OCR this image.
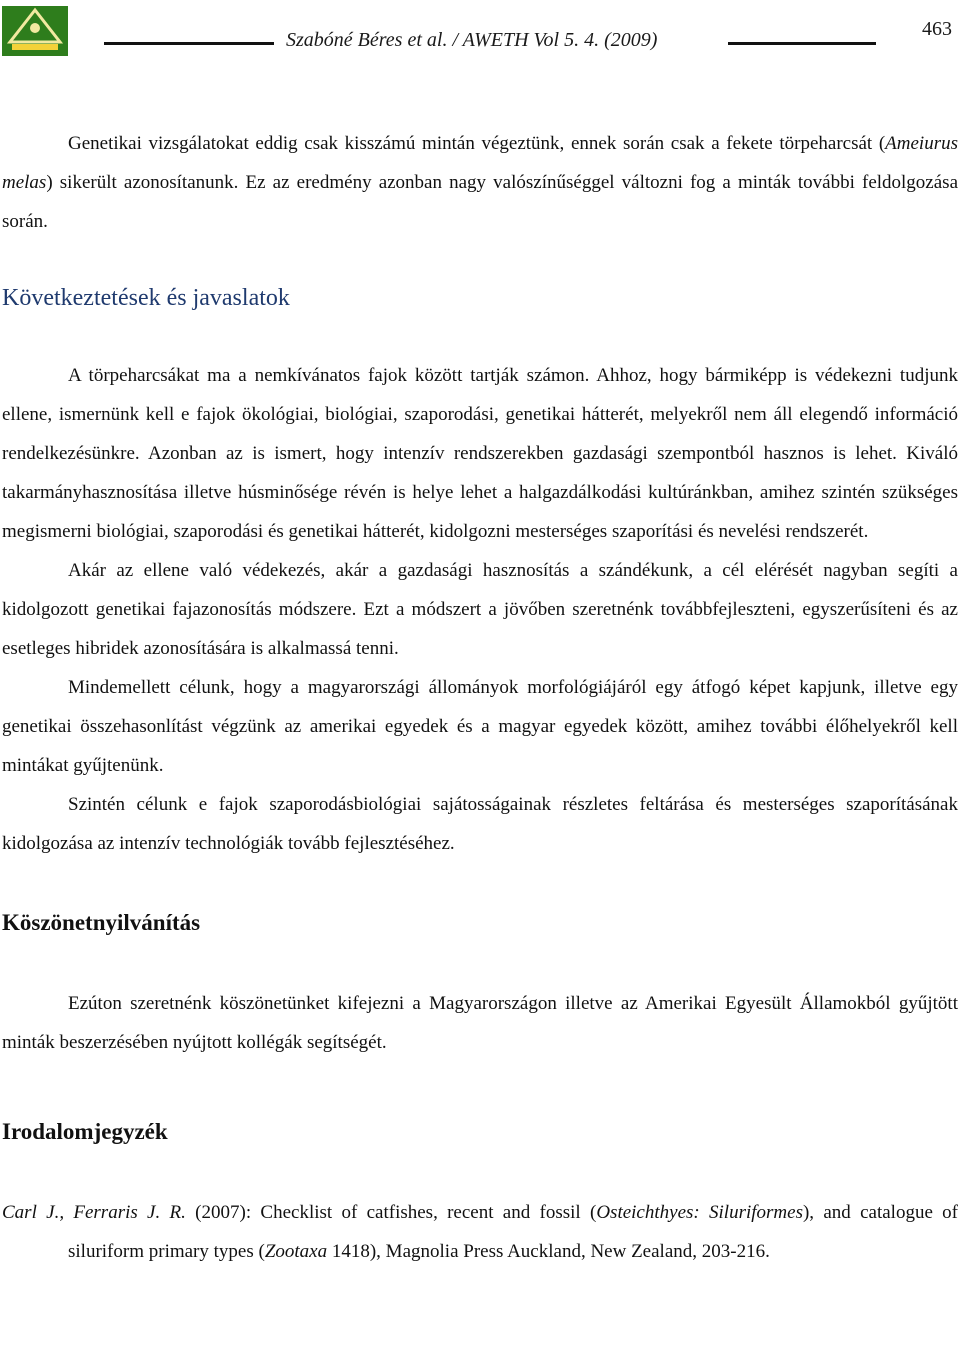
Szabóné Béres et al. / AWETH Vol 5. 4. (2009)	463

Genetikai vizsgálatokat eddig csak kisszámú mintán végeztünk, ennek során csak a fekete törpeharcsát (Ameiurus melas) sikerült azonosítanunk. Ez az eredmény azonban nagy valószínűséggel változni fog a minták további feldolgozása során.

Következtetések és javaslatok

A törpeharcsákat ma a nemkívánatos fajok között tartják számon. Ahhoz, hogy bármiképp is védekezni tudjunk ellene, ismernünk kell e fajok ökológiai, biológiai, szaporodási, genetikai hátterét, melyekről nem áll elegendő információ rendelkezésünkre. Azonban az is ismert, hogy intenzív rendszerekben gazdasági szempontból hasznos is lehet. Kiváló takarmányhasznosítása illetve húsminősége révén is helye lehet a halgazdálkodási kultúránkban, amihez szintén szükséges megismerni biológiai, szaporodási és genetikai hátterét, kidolgozni mesterséges szaporítási és nevelési rendszerét.

Akár az ellene való védekezés, akár a gazdasági hasznosítás a szándékunk, a cél elérését nagyban segíti a kidolgozott genetikai fajazonosítás módszere. Ezt a módszert a jövőben szeretnénk továbbfejleszteni, egyszerűsíteni és az esetleges hibridek azonosítására is alkalmassá tenni.

Mindemellett célunk, hogy a magyarországi állományok morfológiájáról egy átfogó képet kapjunk, illetve egy genetikai összehasonlítást végzünk az amerikai egyedek és a magyar egyedek között, amihez további élőhelyekről kell mintákat gyűjtenünk.

Szintén célunk e fajok szaporodásbiológiai sajátosságainak részletes feltárása és mesterséges szaporításának kidolgozása az intenzív technológiák tovább fejlesztéséhez.

Köszönetnyilvánítás

Ezúton szeretnénk köszönetünket kifejezni a Magyarországon illetve az Amerikai Egyesült Államokból gyűjtött minták beszerzésében nyújtott kollégák segítségét.

Irodalomjegyzék

Carl J., Ferraris J. R. (2007): Checklist of catfishes, recent and fossil (Osteichthyes: Siluriformes), and catalogue of siluriform primary types (Zootaxa 1418), Magnolia Press Auckland, New Zealand, 203-216.
